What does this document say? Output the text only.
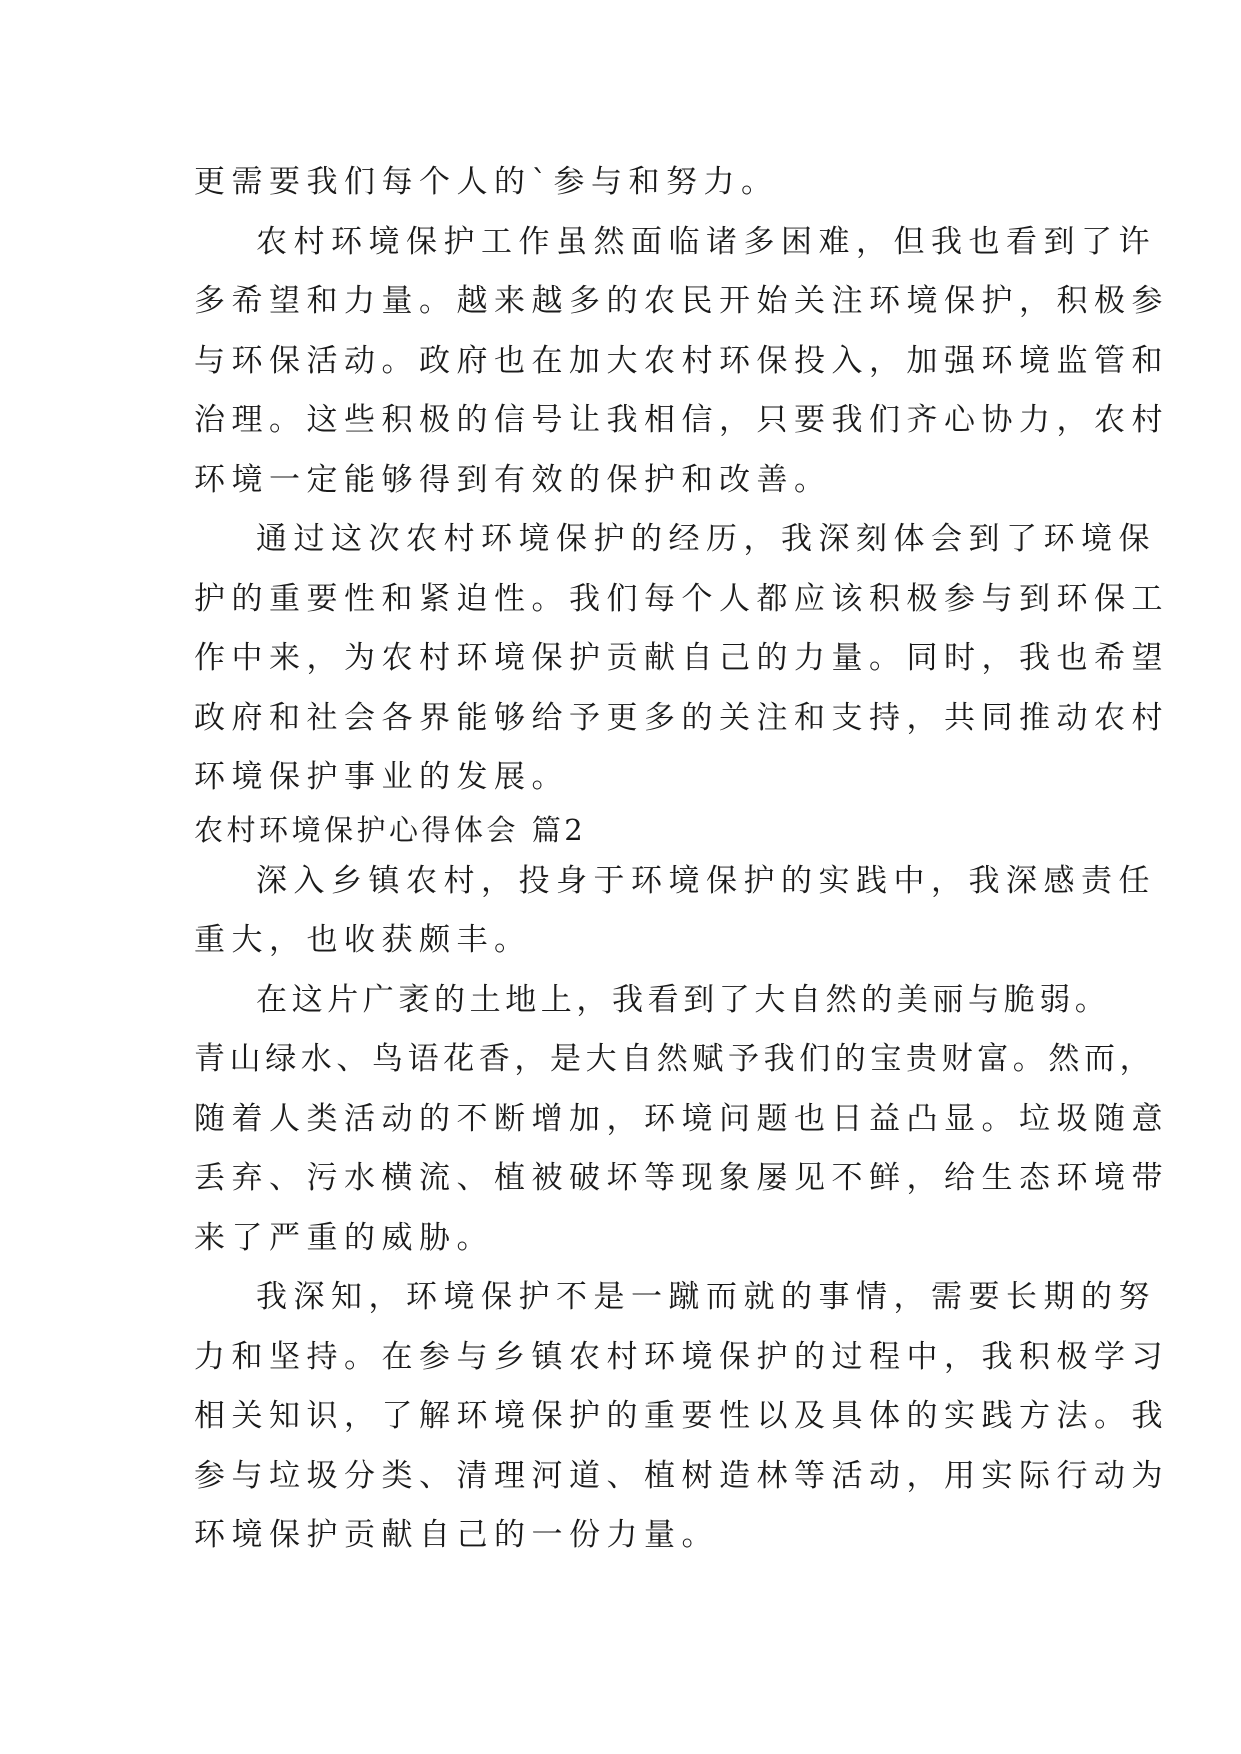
更需要我们每个人的`参与和努力。
农村环境保护工作虽然面临诸多困难，但我也看到了许
多希望和力量。越来越多的农民开始关注环境保护，积极参
与环保活动。政府也在加大农村环保投入，加强环境监管和
治理。这些积极的信号让我相信，只要我们齐心协力，农村
环境一定能够得到有效的保护和改善。
通过这次农村环境保护的经历，我深刻体会到了环境保
护的重要性和紧迫性。我们每个人都应该积极参与到环保工
作中来，为农村环境保护贡献自己的力量。同时，我也希望
政府和社会各界能够给予更多的关注和支持，共同推动农村
环境保护事业的发展。
农村环境保护心得体会 篇2
深入乡镇农村，投身于环境保护的实践中，我深感责任
重大，也收获颇丰。
在这片广袤的土地上，我看到了大自然的美丽与脆弱。
青山绿水、鸟语花香，是大自然赋予我们的宝贵财富。然而，
随着人类活动的不断增加，环境问题也日益凸显。垃圾随意
丢弃、污水横流、植被破坏等现象屡见不鲜，给生态环境带
来了严重的威胁。
我深知，环境保护不是一蹴而就的事情，需要长期的努
力和坚持。在参与乡镇农村环境保护的过程中，我积极学习
相关知识，了解环境保护的重要性以及具体的实践方法。我
参与垃圾分类、清理河道、植树造林等活动，用实际行动为
环境保护贡献自己的一份力量。
